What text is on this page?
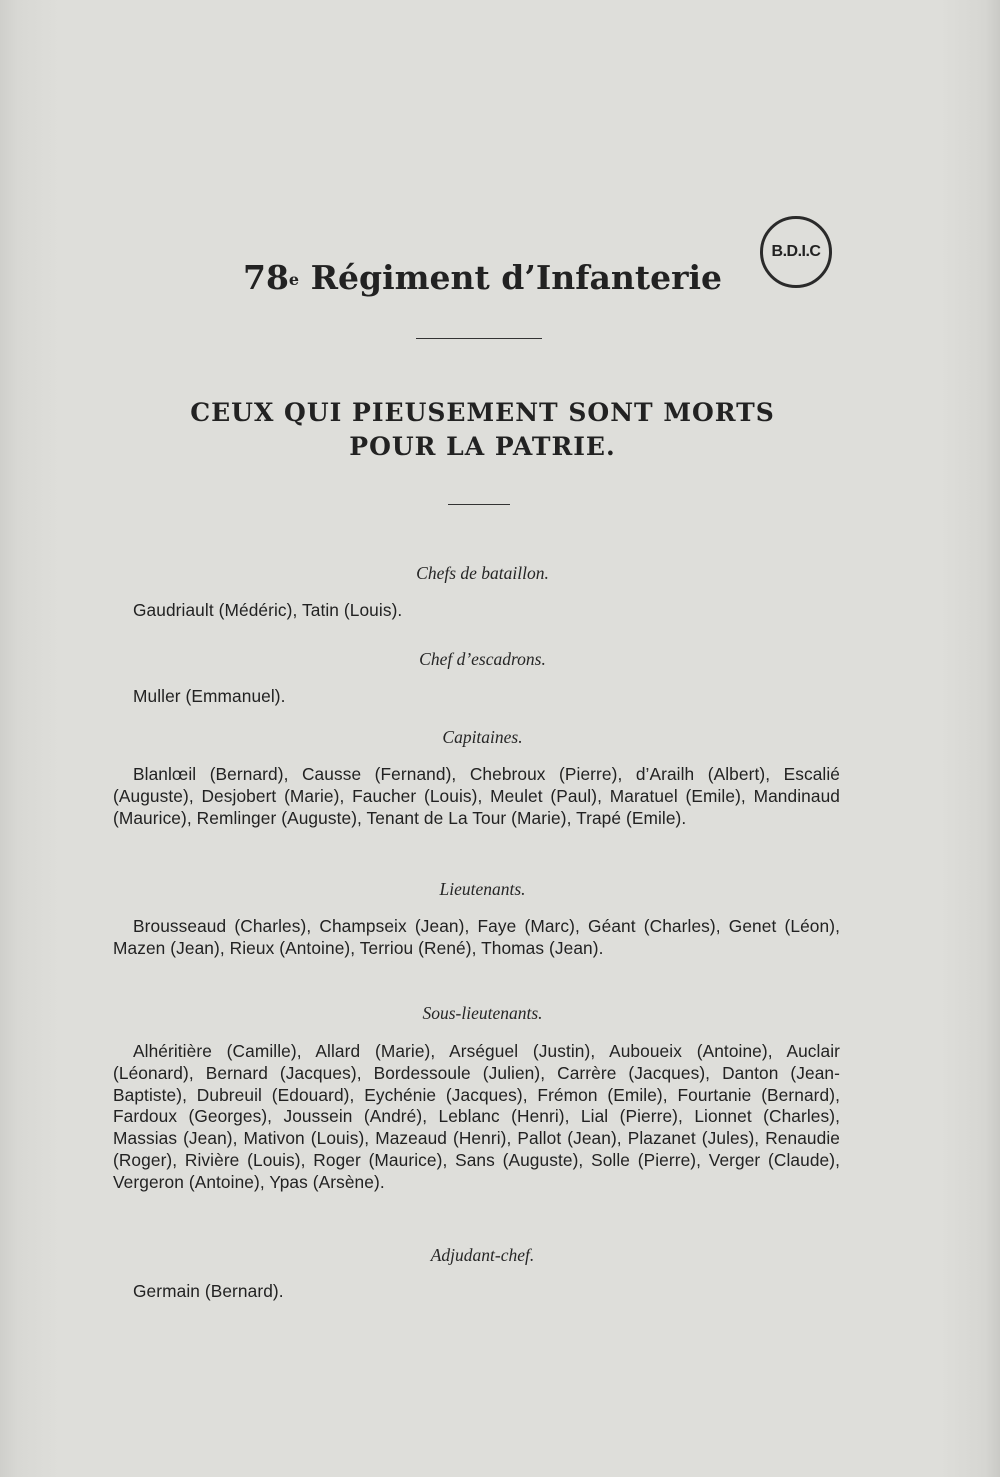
B.D.I.C
78e Régiment d’Infanterie
CEUX QUI PIEUSEMENT SONT MORTS
POUR LA PATRIE.
Chefs de bataillon.
Gaudriault (Médéric), Tatin (Louis).
Chef d’escadrons.
Muller (Emmanuel).
Capitaines.
Blanlœil (Bernard), Causse (Fernand), Chebroux (Pierre), d’Arailh (Albert), Escalié (Auguste), Desjobert (Marie), Faucher (Louis), Meulet (Paul), Maratuel (Emile), Mandinaud (Maurice), Remlinger (Auguste), Tenant de La Tour (Marie), Trapé (Emile).
Lieutenants.
Brousseaud (Charles), Champseix (Jean), Faye (Marc), Géant (Charles), Genet (Léon), Mazen (Jean), Rieux (Antoine), Terriou (René), Thomas (Jean).
Sous-lieutenants.
Alhéritière (Camille), Allard (Marie), Arséguel (Justin), Auboueix (Antoine), Auclair (Léonard), Bernard (Jacques), Bordessoule (Julien), Carrère (Jacques), Danton (Jean-Baptiste), Dubreuil (Edouard), Eychénie (Jacques), Frémon (Emile), Fourtanie (Bernard), Fardoux (Georges), Joussein (André), Leblanc (Henri), Lial (Pierre), Lionnet (Charles), Massias (Jean), Mativon (Louis), Mazeaud (Henri), Pallot (Jean), Plazanet (Jules), Renaudie (Roger), Rivière (Louis), Roger (Maurice), Sans (Auguste), Solle (Pierre), Verger (Claude), Vergeron (Antoine), Ypas (Arsène).
Adjudant-chef.
Germain (Bernard).
